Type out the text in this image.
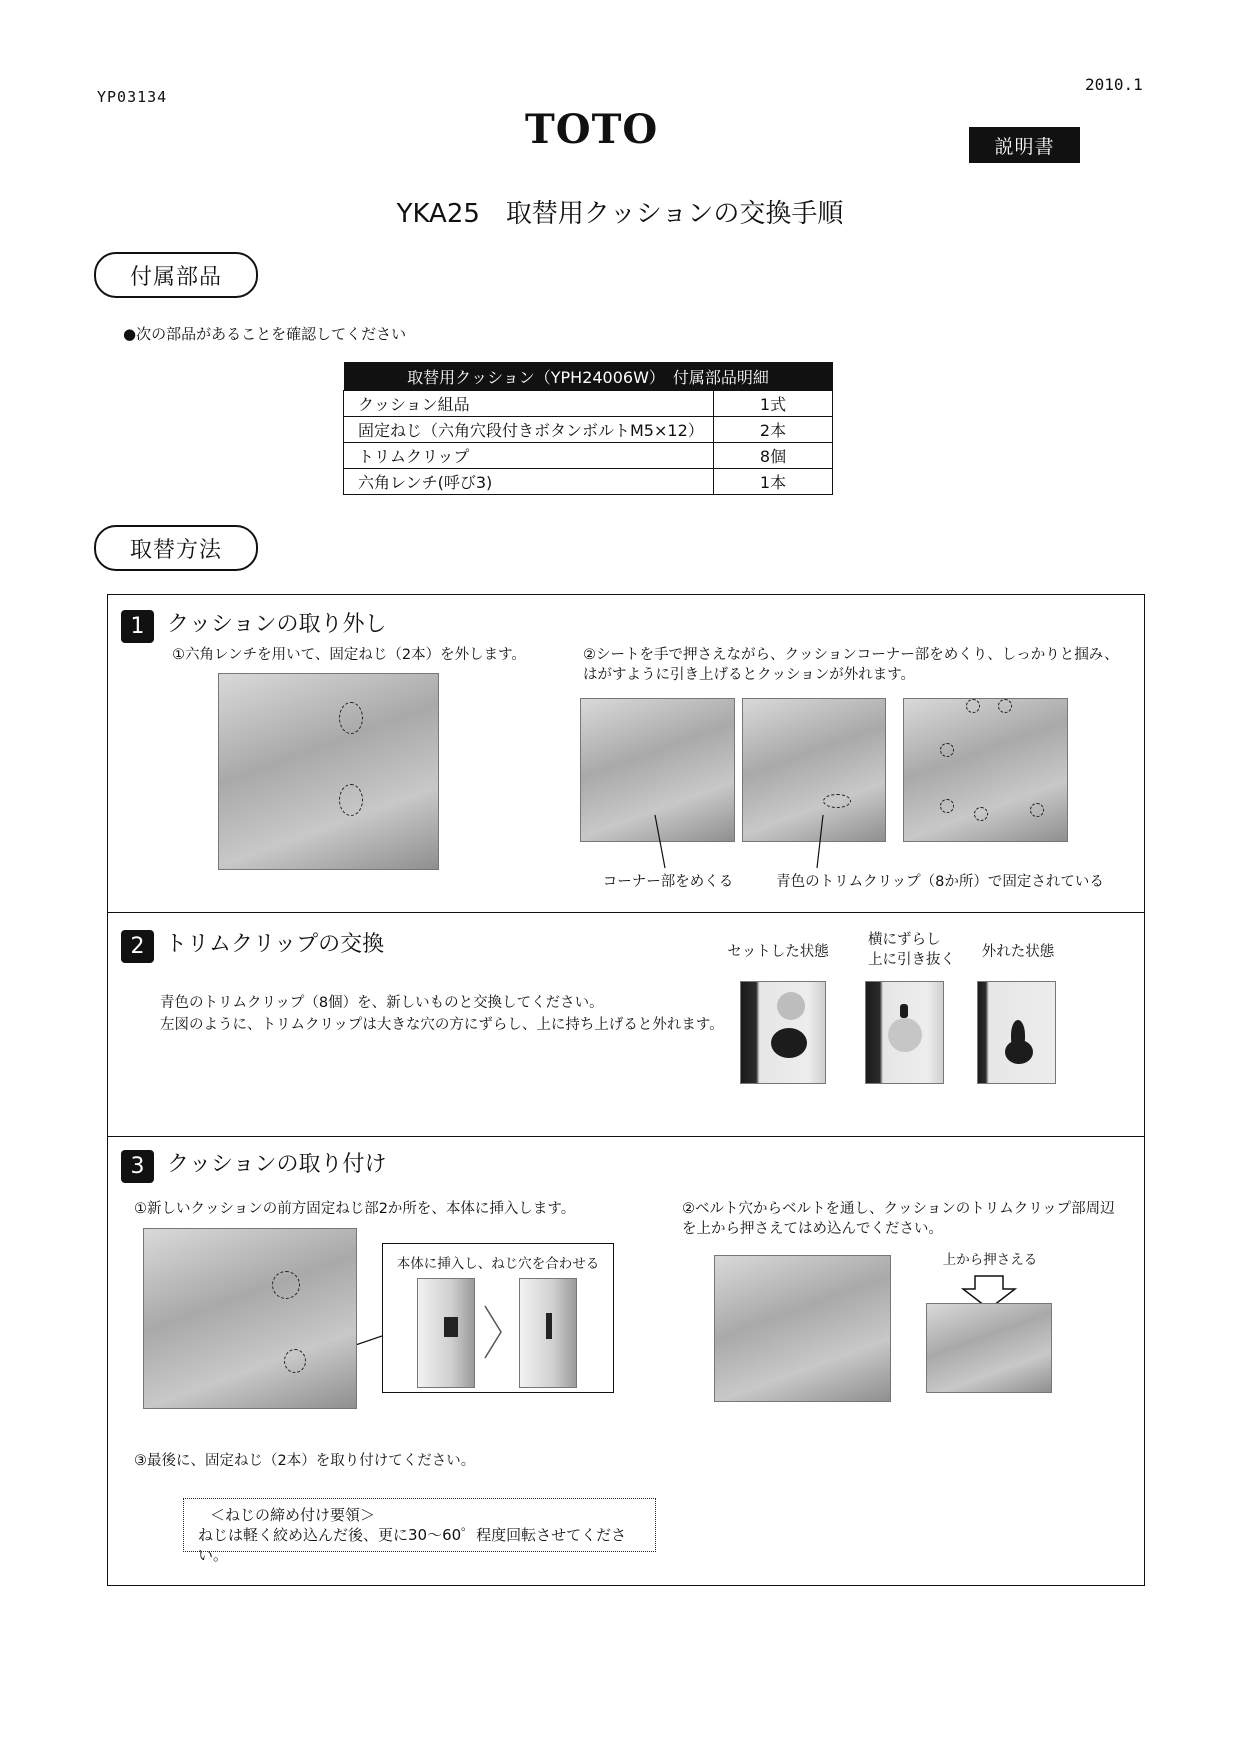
YP03134
2010.1
TOTO	説明書
YKA25　取替用クッションの交換手順
付属部品
●次の部品があることを確認してください
取替用クッション（YPH24006W）　付属部品明細	
クッション組品	1式
固定ねじ（六角穴段付きボタンボルトM5×12）	2本
トリムクリップ	8個
六角レンチ(呼び3)	1本
取替方法
1	クッションの取り外し
①六角レンチを用いて、固定ねじ（2本）を外します。	②シートを手で押さえながら、クッションコーナー部をめくり、しっかりと掴み、
はがすように引き上げるとクッションが外れます。
コーナー部をめくる	青色のトリムクリップ（8か所）で固定されている
2 トリムクリップの交換
青色のトリムクリップ（8個）を、新しいものと交換してください。
左図のように、トリムクリップは大きな穴の方にずらし、上に持ち上げると外れます。
セットした状態
横にずらし
上に引き抜く	外れた状態
3	クッションの取り付け
①新しいクッションの前方固定ねじ部2か所を、本体に挿入します。	②ベルト穴からベルトを通し、クッションのトリムクリップ部周辺
を上から押さえてはめ込んでください。
本体に挿入し、ねじ穴を合わせる	上から押さえる
③最後に、固定ねじ（2本）を取り付けてください。
＜ねじの締め付け要領＞
ねじは軽く絞め込んだ後、更に30～60゜程度回転させてください。
